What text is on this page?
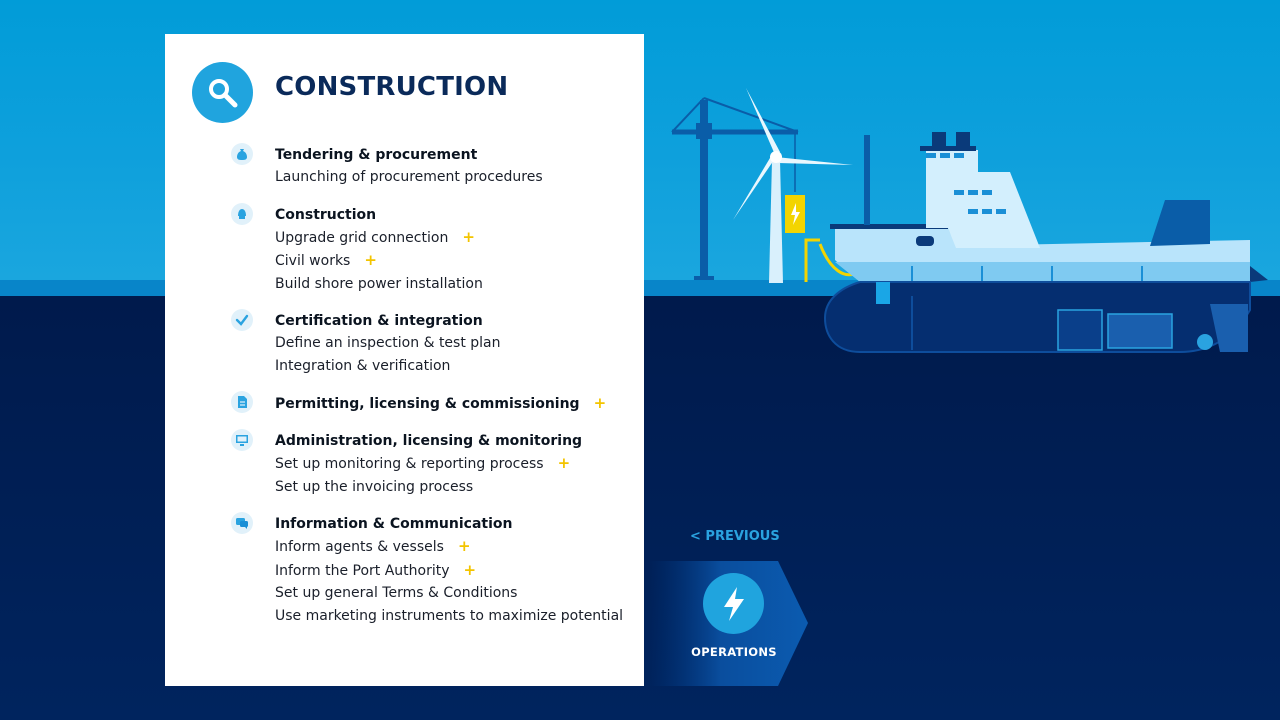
CONSTRUCTION
Tendering & procurement
Launching of procurement procedures
Construction
Upgrade grid connection +
Civil works +
Build shore power installation
Certification & integration
Define an inspection & test plan
Integration & verification
Permitting, licensing & commissioning +
Administration, licensing & monitoring
Set up monitoring & reporting process +
Set up the invoicing process
Information & Communication
Inform agents & vessels +
Inform the Port Authority +
Set up general Terms & Conditions
Use marketing instruments to maximize potential
< PREVIOUS
OPERATIONS
